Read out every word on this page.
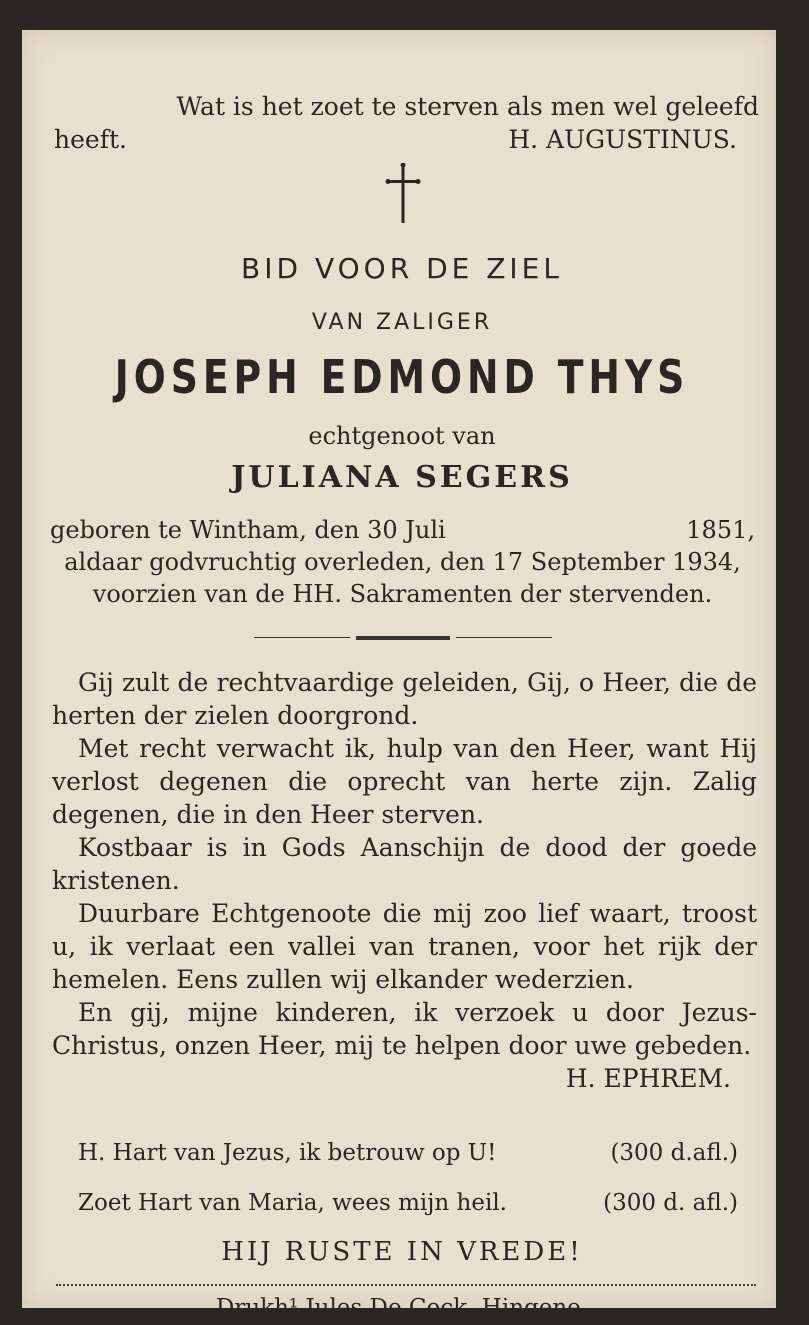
Wat is het zoet te sterven als men wel geleefd
heeft.	H. AUGUSTINUS.
BID VOOR DE ZIEL
VAN ZALIGER
JOSEPH EDMOND THYS
echtgenoot van
JULIANA SEGERS
geboren te Wintham, den 30 Juli	1851,
aldaar godvruchtig overleden, den 17 September 1934,
voorzien van de HH. Sakramenten der stervenden.

Gij zult de rechtvaardige geleiden, Gij, o Heer, die de herten der zielen doorgrond.

Met recht verwacht ik, hulp van den Heer, want Hij verlost degenen die oprecht van herte zijn. Zalig degenen, die in den Heer sterven.

Kostbaar is in Gods Aanschijn de dood der goede kristenen.

Duurbare Echtgenoote die mij zoo lief waart, troost u, ik verlaat een vallei van tranen, voor het rijk der hemelen. Eens zullen wij elkander wederzien.

En gij, mijne kinderen, ik verzoek u door Jezus-Christus, onzen Heer, mij te helpen door uwe gebeden.

H. EPHREM.

H. Hart van Jezus, ik betrouw op U!	(300 d.afl.)
Zoet Hart van Maria, wees mijn heil.	(300 d. afl.)
HIJ RUSTE IN VREDE!
Drukh¹ Jules De Cock, Hingene.
